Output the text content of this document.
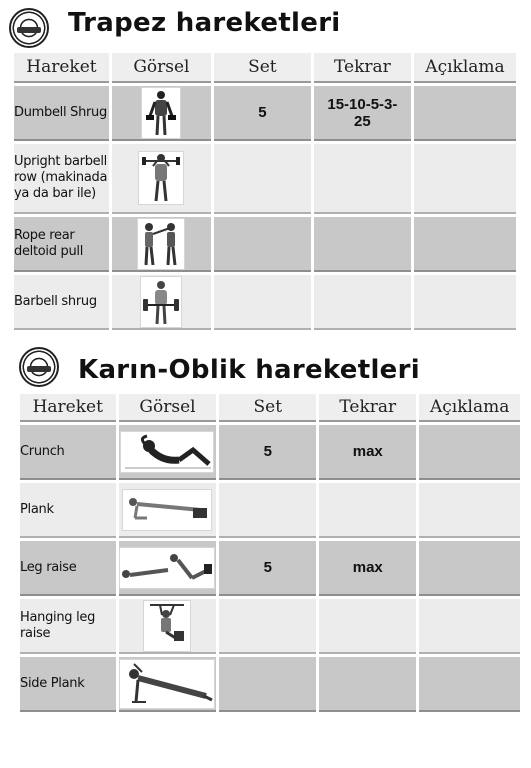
Trapez hareketleri
Hareket	Görsel	Set	Tekrar	Açıklama
Dumbell Shrug		5	15-10-5-3-25	
Upright barbell row (makinada ya da bar ile)	

Rope rear deltoid pull	

Barbell shrug	

Karın-Oblik hareketleri
Hareket	Görsel	Set	Tekrar	Açıklama
Crunch		5	max	
Plank	

Leg raise		5	max	
Hanging leg raise	

Side Plank	
